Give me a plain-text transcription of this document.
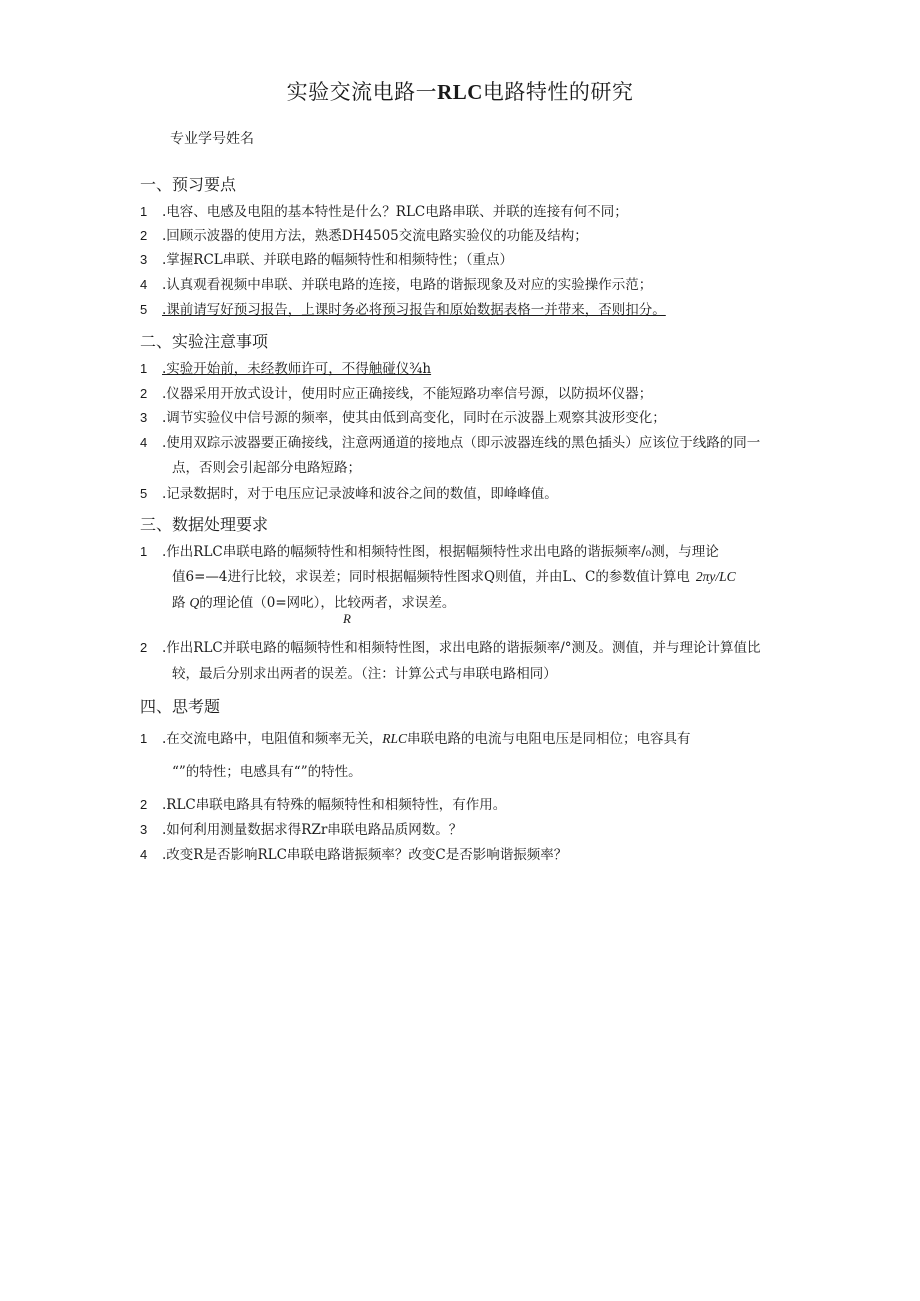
实验交流电路一RLC电路特性的研究
专业学号姓名
一、预习要点
1 .电容、电感及电阻的基本特性是什么？RLC电路串联、并联的连接有何不同；
2 .回顾示波器的使用方法，熟悉DH4505交流电路实验仪的功能及结构；
3 .掌握RCL串联、并联电路的幅频特性和相频特性；（重点）
4 .认真观看视频中串联、并联电路的连接，电路的谐振现象及对应的实验操作示范；
5 .课前请写好预习报告，上课时务必将预习报告和原始数据表格一并带来，否则扣分。
二、实验注意事项
1 .实验开始前，未经教师许可，不得触碰仪¾h
2 .仪器采用开放式设计，使用时应正确接线，不能短路功率信号源，以防损坏仪器；
3 .调节实验仪中信号源的频率，使其由低到高变化，同时在示波器上观察其波形变化；
4 .使用双踪示波器要正确接线，注意两通道的接地点（即示波器连线的黑色插头）应该位于线路的同一
点，否则会引起部分电路短路；
5 .记录数据时，对于电压应记录波峰和波谷之间的数值，即峰峰值。
三、数据处理要求
1 .作出RLC串联电路的幅频特性和相频特性图，根据幅频特性求出电路的谐振频率/₀测，与理论
值6=—4进行比较，求误差；同时根据幅频特性图求Q则值，并由L、C的参数值计算电 2πy/LC
路 Q的理论值（0=网叱），比较两者，求误差。
R
2 .作出RLC并联电路的幅频特性和相频特性图，求出电路的谐振频率/°测及。测值，并与理论计算值比
较，最后分别求出两者的误差。（注：计算公式与串联电路相同）
四、思考题
1 .在交流电路中，电阻值和频率无关，RLC串联电路的电流与电阻电压是同相位；电容具有
“”的特性；电感具有“”的特性。
2 .RLC串联电路具有特殊的幅频特性和相频特性，有作用。
3 .如何利用测量数据求得RZr串联电路品质网数。？
4 .改变R是否影响RLC串联电路谐振频率？改变C是否影响谐振频率？
